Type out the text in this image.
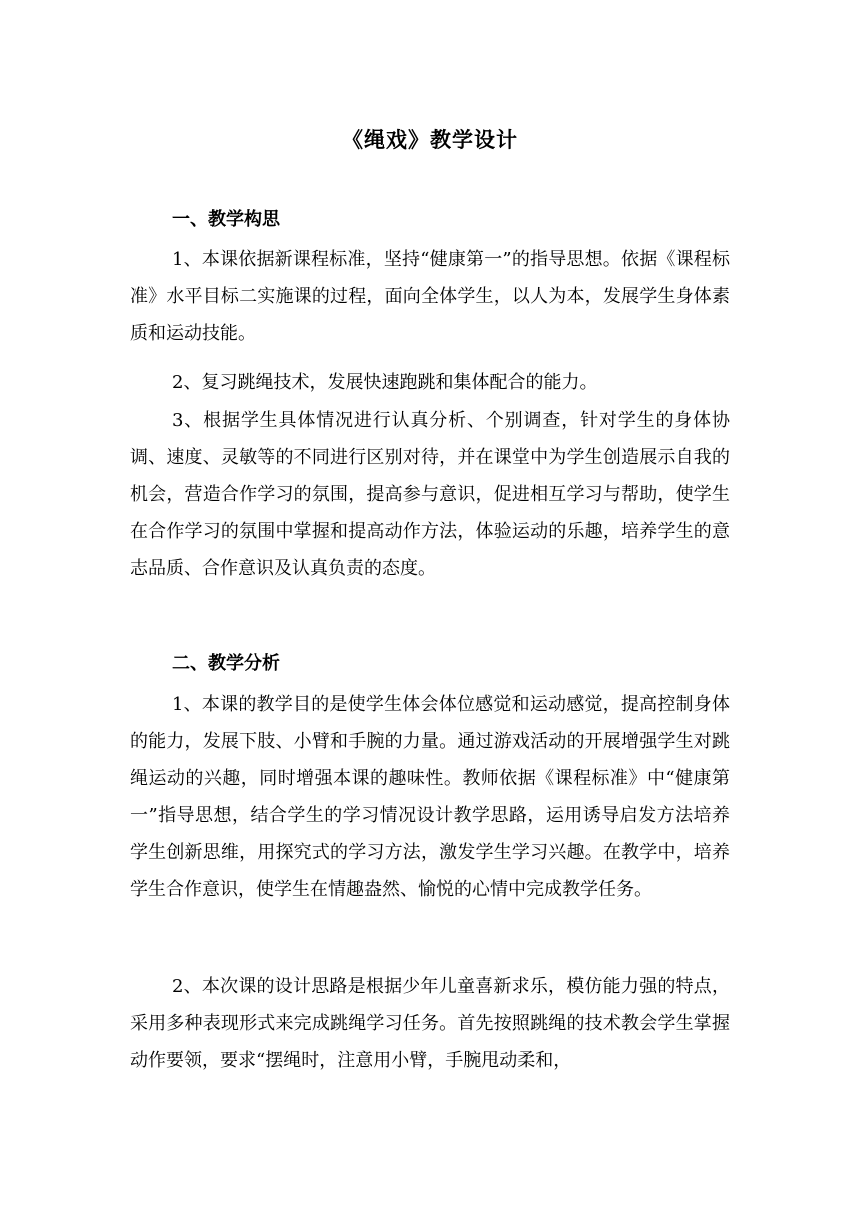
《绳戏》教学设计
一、教学构思

1、本课依据新课程标准，坚持“健康第一”的指导思想。依据《课程标准》水平目标二实施课的过程，面向全体学生，以人为本，发展学生身体素质和运动技能。

2、复习跳绳技术，发展快速跑跳和集体配合的能力。

3、根据学生具体情况进行认真分析、个别调查，针对学生的身体协调、速度、灵敏等的不同进行区别对待，并在课堂中为学生创造展示自我的机会，营造合作学习的氛围，提高参与意识，促进相互学习与帮助，使学生在合作学习的氛围中掌握和提高动作方法，体验运动的乐趣，培养学生的意志品质、合作意识及认真负责的态度。

二、教学分析

1、本课的教学目的是使学生体会体位感觉和运动感觉，提高控制身体的能力，发展下肢、小臂和手腕的力量。通过游戏活动的开展增强学生对跳绳运动的兴趣，同时增强本课的趣味性。教师依据《课程标准》中“健康第一”指导思想，结合学生的学习情况设计教学思路，运用诱导启发方法培养学生创新思维，用探究式的学习方法，激发学生学习兴趣。在教学中，培养学生合作意识，使学生在情趣盎然、愉悦的心情中完成教学任务。

2、本次课的设计思路是根据少年儿童喜新求乐，模仿能力强的特点，采用多种表现形式来完成跳绳学习任务。首先按照跳绳的技术教会学生掌握动作要领，要求“摆绳时，注意用小臂，手腕甩动柔和，
